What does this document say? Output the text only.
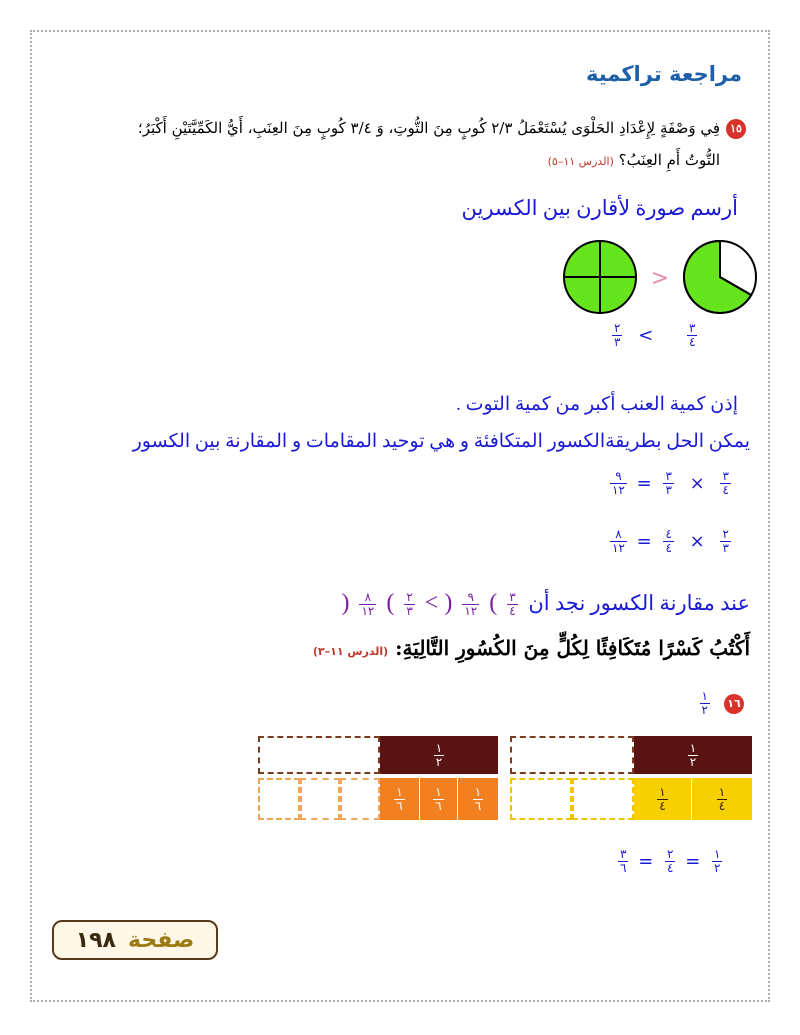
مراجعة تراكمية
١٥فِي وَصْفَةٍ لِإِعْدَادِ الحَلْوَى يُسْتَعْمَلُ ٢/٣ كُوبٍ مِنَ التُّوتِ، وَ ٣/٤ كُوبٍ مِنَ العِنَبِ، أَيُّ الكَمِّيَّتَيْنِ أَكْبَرُ؛
التُّوتُ أَمِ العِنَبُ؟ (الدرس ١١–٥)
أرسم صورة لأقارن بين الكسرين
>
$\frac{٢}{٣}$ <	$\frac{٣}{٤}$
إذن كمية العنب أكبر من كمية التوت .
يمكن الحل بطريقةالكسور المتكافئة و هي توحيد المقامات و المقارنة بين الكسور
$\frac{٩}{١٢} = \frac{٣}{٣} \times \frac{٣}{٤}$
$\frac{٨}{١٢} = \frac{٤}{٤} \times \frac{٢}{٣}$
عند مقارنة الكسور نجد أن ) $\frac{٨}{١٢}$ ( $\frac{٢}{٣}$ < ) $\frac{٩}{١٢}$ ( $\frac{٣}{٤}$
أَكْتُبُ كَسْرًا مُتَكَافِئًا لِكُلٍّ مِنَ الكُسُورِ التَّالِيَةِ: (الدرس ١١–٣)
١٦
$\frac{١}{٢}$
$\frac{١}{٢}$
$\frac{١}{٦} \frac{١}{٦} \frac{١}{٦}$
$\frac{١}{٢}$
$\frac{١}{٤}$	$\frac{١}{٤}$
$\frac{٣}{٦} = \frac{٢}{٤} = \frac{١}{٢}$
صفحة
١٩٨
